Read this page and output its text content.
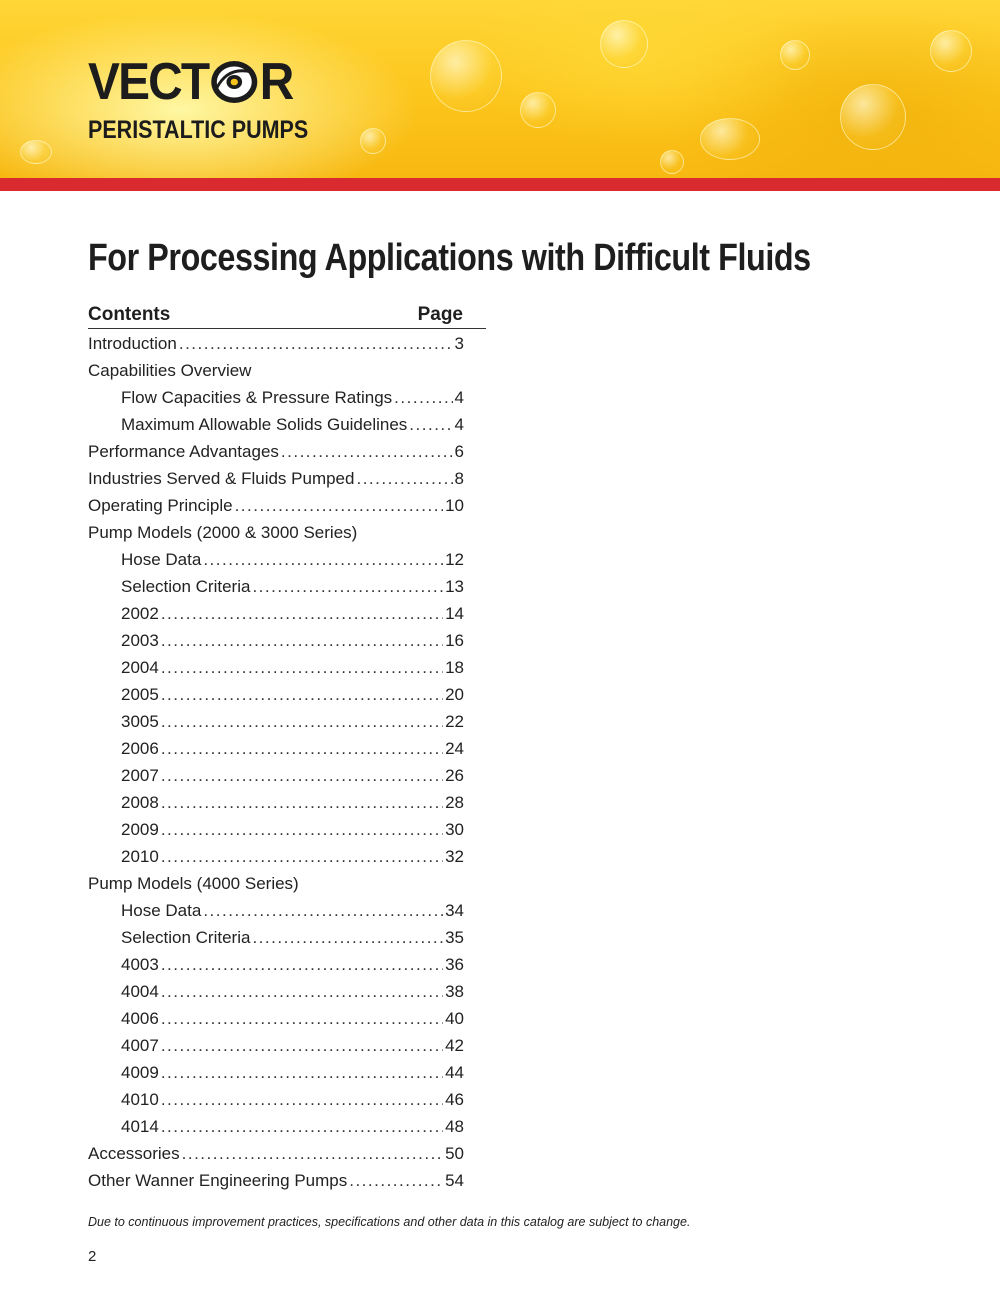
VECT R
PERISTALTIC PUMPS
For Processing Applications with Difficult Fluids
Contents	Page
Introduction .....	3
Capabilities Overview
Flow Capacities & Pressure Ratings .....	4
Maximum Allowable Solids Guidelines .....	4
Performance Advantages .....	6
Industries Served & Fluids Pumped .....	8
Operating Principle .....	10
Pump Models (2000 & 3000 Series)
Hose Data .....	12
Selection Criteria .....	13
2002 .....	14
2003 .....	16
2004 .....	18
2005 .....	20
3005 .....	22
2006 .....	24
2007 .....	26
2008 .....	28
2009 .....	30
2010 .....	32
Pump Models (4000 Series)
Hose Data .....	34
Selection Criteria .....	35
4003 .....	36
4004 .....	38
4006 .....	40
4007 .....	42
4009 .....	44
4010 .....	46
4014 .....	48
Accessories .....	50
Other Wanner Engineering Pumps .....	54
Due to continuous improvement practices, specifications and other data in this catalog are subject to change.
2
